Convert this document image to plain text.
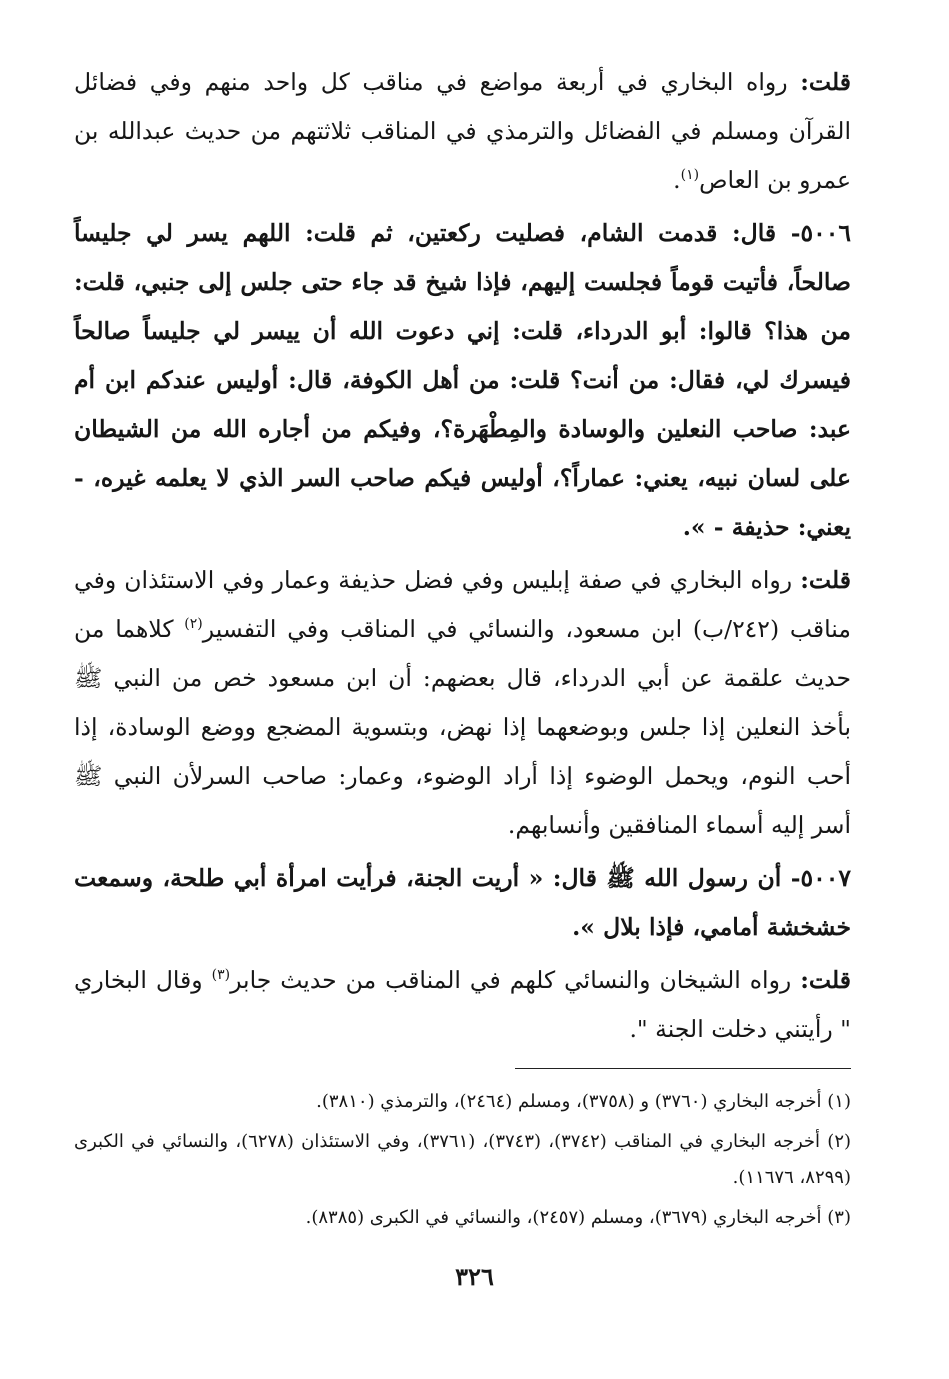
قلت: رواه البخاري في أربعة مواضع في مناقب كل واحد منهم وفي فضائل القرآن ومسلم في الفضائل والترمذي في المناقب ثلاثتهم من حديث عبدالله بن عمرو بن العاص$^{(١)}$.

٥٠٠٦- قال: قدمت الشام، فصليت ركعتين، ثم قلت: اللهم يسر لي جليساً صالحاً، فأتيت قوماً فجلست إليهم، فإذا شيخ قد جاء حتى جلس إلى جنبي، قلت: من هذا؟ قالوا: أبو الدرداء، قلت: إني دعوت الله أن ييسر لي جليساً صالحاً فيسرك لي، فقال: من أنت؟ قلت: من أهل الكوفة، قال: أوليس عندكم ابن أم عبد: صاحب النعلين والوسادة والمِطْهَرة؟، وفيكم من أجاره الله من الشيطان على لسان نبيه، يعني: عماراً؟، أوليس فيكم صاحب السر الذي لا يعلمه غيره، - يعني: حذيفة - ».

قلت: رواه البخاري في صفة إبليس وفي فضل حذيفة وعمار وفي الاستئذان وفي مناقب (٢٤٢/ب) ابن مسعود، والنسائي في المناقب وفي التفسير$^{(٢)}$ كلاهما من حديث علقمة عن أبي الدرداء، قال بعضهم: أن ابن مسعود خص من النبي ﷺ بأخذ النعلين إذا جلس وبوضعهما إذا نهض، وبتسوية المضجع ووضع الوسادة، إذا أحب النوم، ويحمل الوضوء إذا أراد الوضوء، وعمار: صاحب السرلأن النبي ﷺ أسر إليه أسماء المنافقين وأنسابهم.

٥٠٠٧- أن رسول الله ﷺ قال: « أريت الجنة، فرأيت امرأة أبي طلحة، وسمعت خشخشة أمامي، فإذا بلال ».

قلت: رواه الشيخان والنسائي كلهم في المناقب من حديث جابر$^{(٣)}$ وقال البخاري " رأيتني دخلت الجنة ".

(١) أخرجه البخاري (٣٧٦٠) و (٣٧٥٨)، ومسلم (٢٤٦٤)، والترمذي (٣٨١٠).

(٢) أخرجه البخاري في المناقب (٣٧٤٢)، (٣٧٤٣)، (٣٧٦١)، وفي الاستئذان (٦٢٧٨)، والنسائي في الكبرى (٨٢٩٩، ١١٦٧٦).

(٣) أخرجه البخاري (٣٦٧٩)، ومسلم (٢٤٥٧)، والنسائي في الكبرى (٨٣٨٥).

٣٢٦
